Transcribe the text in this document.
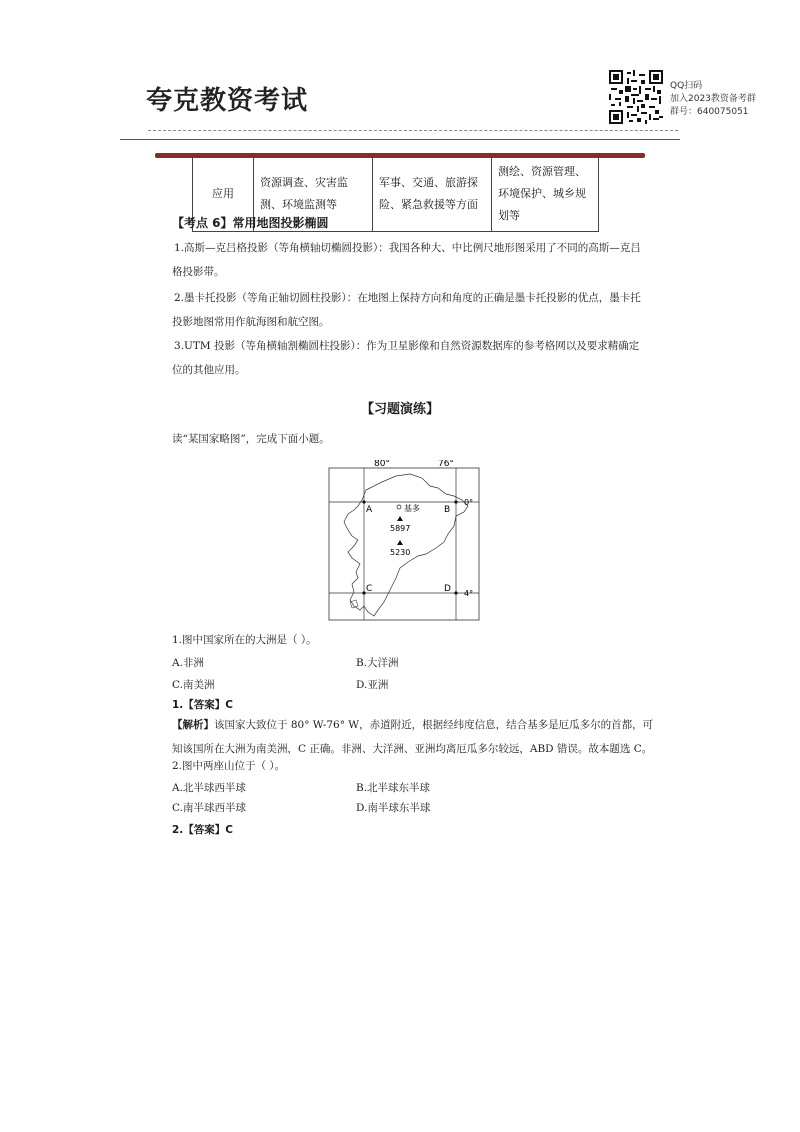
夸克教资考试	QQ扫码
加入2023教资备考群
群号：640075051
应用	资源调查、灾害监测、环境监测等	军事、交通、旅游探险、紧急救援等方面	测绘、资源管理、环境保护、城乡规划等
【考点 6】常用地图投影椭圆
1.高斯—克吕格投影（等角横轴切椭圆投影）：我国各种大、中比例尺地形图采用了不同的高斯—克吕格投影带。
2.墨卡托投影（等角正轴切圆柱投影）：在地图上保持方向和角度的正确是墨卡托投影的优点，墨卡托投影地图常用作航海图和航空图。
3.UTM 投影（等角横轴割椭圆柱投影）：作为卫星影像和自然资源数据库的参考格网以及要求精确定位的其他应用。
【习题演练】
读“某国家略图”，完成下面小题。
80°	76°
0°
4°
A	B
C	D
基多
5897
5230
1.图中国家所在的大洲是（ ）。
A.非洲	B.大洋洲
C.南美洲	D.亚洲
1.【答案】C
【解析】该国家大致位于 80° W-76° W，赤道附近，根据经纬度信息，结合基多是厄瓜多尔的首都，可知该国所在大洲为南美洲，C 正确。非洲、大洋洲、亚洲均离厄瓜多尔较远，ABD 错误。故本题选 C。
2.图中两座山位于（ ）。
A.北半球西半球	B.北半球东半球
C.南半球西半球	D.南半球东半球
2.【答案】C
